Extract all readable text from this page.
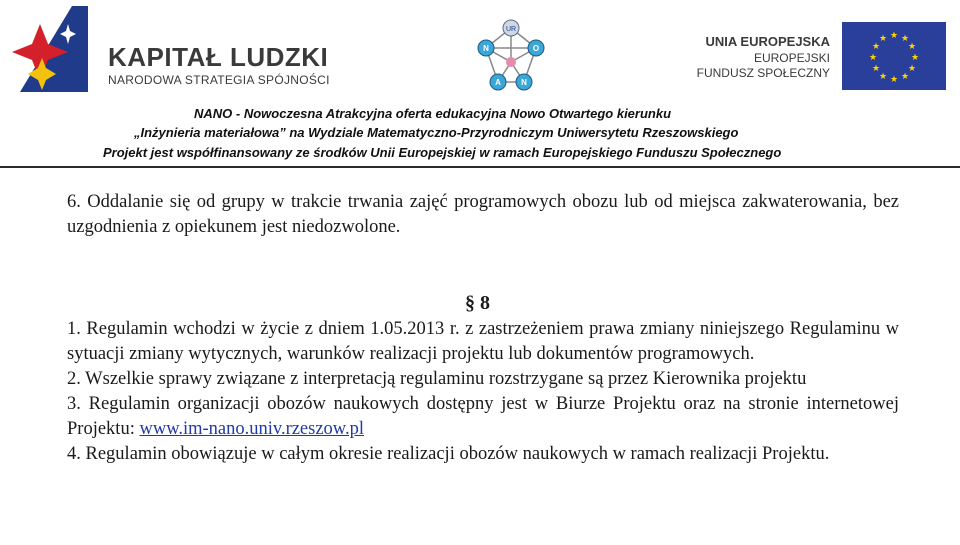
KAPITAŁ LUDZKI
NARODOWA STRATEGIA SPÓJNOŚCI
UR
N	O
A	N
UNIA EUROPEJSKA
EUROPEJSKI
FUNDUSZ SPOŁECZNY
★ ★
★
★
★
★
★
★
★
★
★
★
NANO - Nowoczesna Atrakcyjna oferta edukacyjna Nowo Otwartego kierunku
„Inżynieria materiałowa” na Wydziale Matematyczno-Przyrodniczym Uniwersytetu Rzeszowskiego
Projekt jest współfinansowany ze środków Unii Europejskiej w ramach Europejskiego Funduszu Społecznego

6. Oddalanie się od grupy w trakcie trwania zajęć programowych obozu lub od miejsca zakwaterowania, bez uzgodnienia z opiekunem jest niedozwolone.

1. Regulamin wchodzi w życie z dniem 1.05.2013 r. z zastrzeżeniem prawa zmiany niniejszego Regulaminu w sytuacji zmiany wytycznych, warunków realizacji projektu lub dokumentów programowych.

2. Wszelkie sprawy związane z interpretacją regulaminu rozstrzygane są przez Kierownika projektu

3. Regulamin organizacji obozów naukowych dostępny jest w Biurze Projektu oraz na stronie internetowej Projektu: www.im-nano.univ.rzeszow.pl

4. Regulamin obowiązuje w całym okresie realizacji obozów naukowych w ramach realizacji Projektu.

§ 8
